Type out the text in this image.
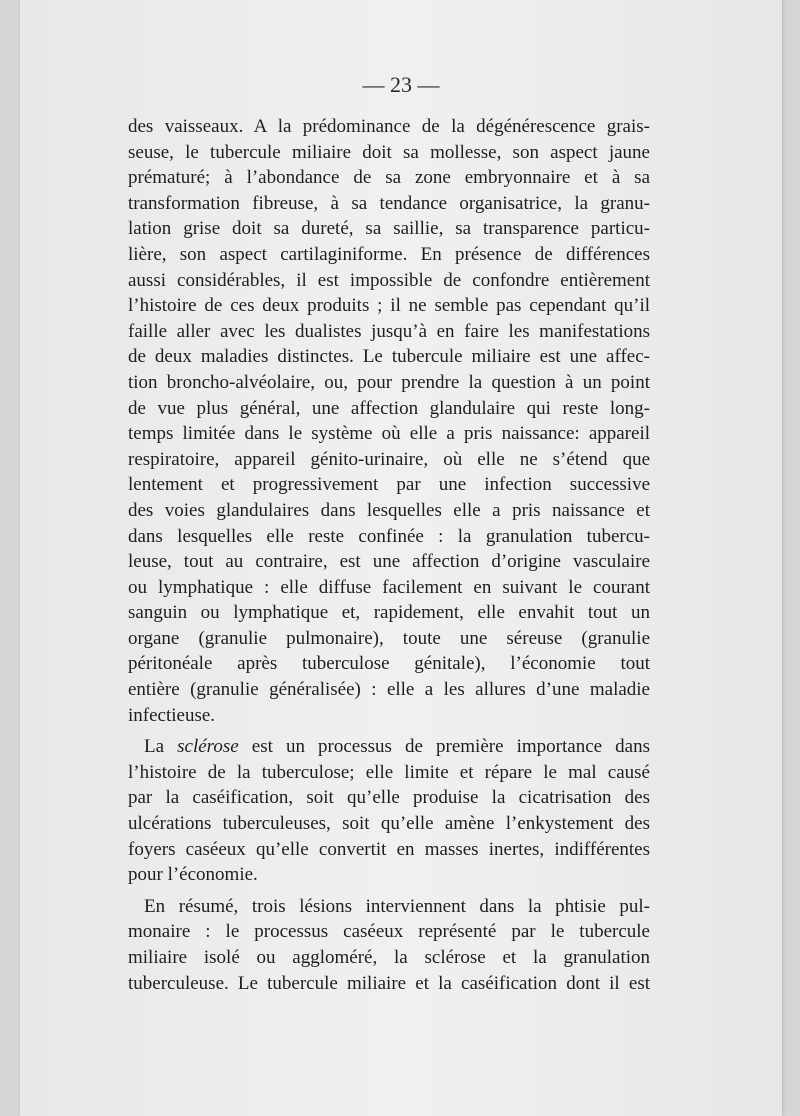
— 23 —
des vaisseaux. A la prédominance de la dégénérescence grais-
seuse, le tubercule miliaire doit sa mollesse, son aspect jaune
prématuré; à l’abondance de sa zone embryonnaire et à sa
transformation fibreuse, à sa tendance organisatrice, la granu-
lation grise doit sa dureté, sa saillie, sa transparence particu-
lière, son aspect cartilaginiforme. En présence de différences
aussi considérables, il est impossible de confondre entièrement
l’histoire de ces deux produits ; il ne semble pas cependant qu’il
faille aller avec les dualistes jusqu’à en faire les manifestations
de deux maladies distinctes. Le tubercule miliaire est une affec-
tion broncho-alvéolaire, ou, pour prendre la question à un point
de vue plus général, une affection glandulaire qui reste long-
temps limitée dans le système où elle a pris naissance: appareil
respiratoire, appareil génito-urinaire, où elle ne s’étend que
lentement et progressivement par une infection successive
des voies glandulaires dans lesquelles elle a pris naissance et
dans lesquelles elle reste confinée : la granulation tubercu-
leuse, tout au contraire, est une affection d’origine vasculaire
ou lymphatique : elle diffuse facilement en suivant le courant
sanguin ou lymphatique et, rapidement, elle envahit tout un
organe (granulie pulmonaire), toute une séreuse (granulie
péritonéale après tuberculose génitale), l’économie tout
entière (granulie généralisée) : elle a les allures d’une maladie
infectieuse.
La sclérose est un processus de première importance dans
l’histoire de la tuberculose; elle limite et répare le mal causé
par la caséification, soit qu’elle produise la cicatrisation des
ulcérations tuberculeuses, soit qu’elle amène l’enkystement des
foyers caséeux qu’elle convertit en masses inertes, indifférentes
pour l’économie.
En résumé, trois lésions interviennent dans la phtisie pul-
monaire : le processus caséeux représenté par le tubercule
miliaire isolé ou aggloméré, la sclérose et la granulation
tuberculeuse. Le tubercule miliaire et la caséification dont il est
